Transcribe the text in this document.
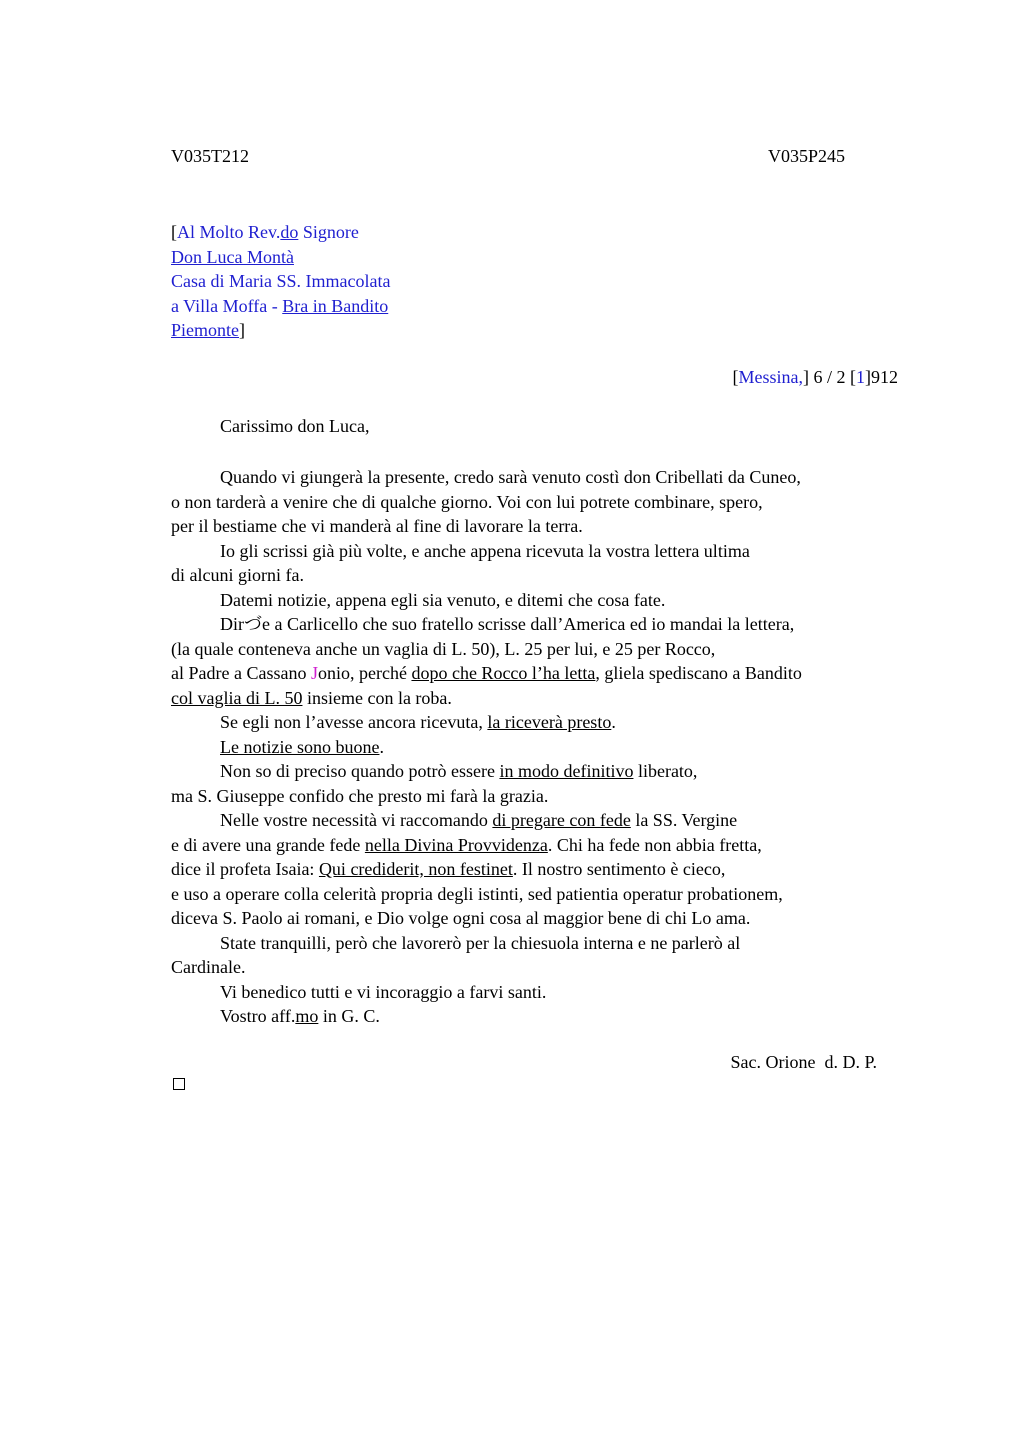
V035T212	V035P245
[Al Molto Rev.do Signore
Don Luca Montà
Casa di Maria SS. Immacolata
a Villa Moffa - Bra in Bandito
Piemonte]
[Messina,] 6 / 2 [1]912
Carissimo don Luca,
Quando vi giungerà la presente, credo sarà venuto costì don Cribellati da Cuneo,
o non tarderà a venire che di qualche giorno. Voi con lui potrete combinare, spero,
per il bestiame che vi manderà al fine di lavorare la terra.
Io gli scrissi già più volte, e anche appena ricevuta la vostra lettera ultima
di alcuni giorni fa.
Datemi notizie, appena egli sia venuto, e ditemi che cosa fate.
Dirづe a Carlicello che suo fratello scrisse dall’America ed io mandai la lettera,
(la quale conteneva anche un vaglia di L. 50), L. 25 per lui, e 25 per Rocco,
al Padre a Cassano Jonio, perché dopo che Rocco l’ha letta, gliela spediscano a Bandito
col vaglia di L. 50 insieme con la roba.
Se egli non l’avesse ancora ricevuta, la riceverà presto.
Le notizie sono buone.
Non so di preciso quando potrò essere in modo definitivo liberato,
ma S. Giuseppe confido che presto mi farà la grazia.
Nelle vostre necessità vi raccomando di pregare con fede la SS. Vergine
e di avere una grande fede nella Divina Provvidenza. Chi ha fede non abbia fretta,
dice il profeta Isaia: Qui crediderit, non festinet. Il nostro sentimento è cieco,
e uso a operare colla celerità propria degli istinti, sed patientia operatur probationem,
diceva S. Paolo ai romani, e Dio volge ogni cosa al maggior bene di chi Lo ama.
State tranquilli, però che lavorerò per la chiesuola interna e ne parlerò al
Cardinale.
Vi benedico tutti e vi incoraggio a farvi santi.
Vostro aff.mo in G. C.
Sac. Orione  d. D. P.
